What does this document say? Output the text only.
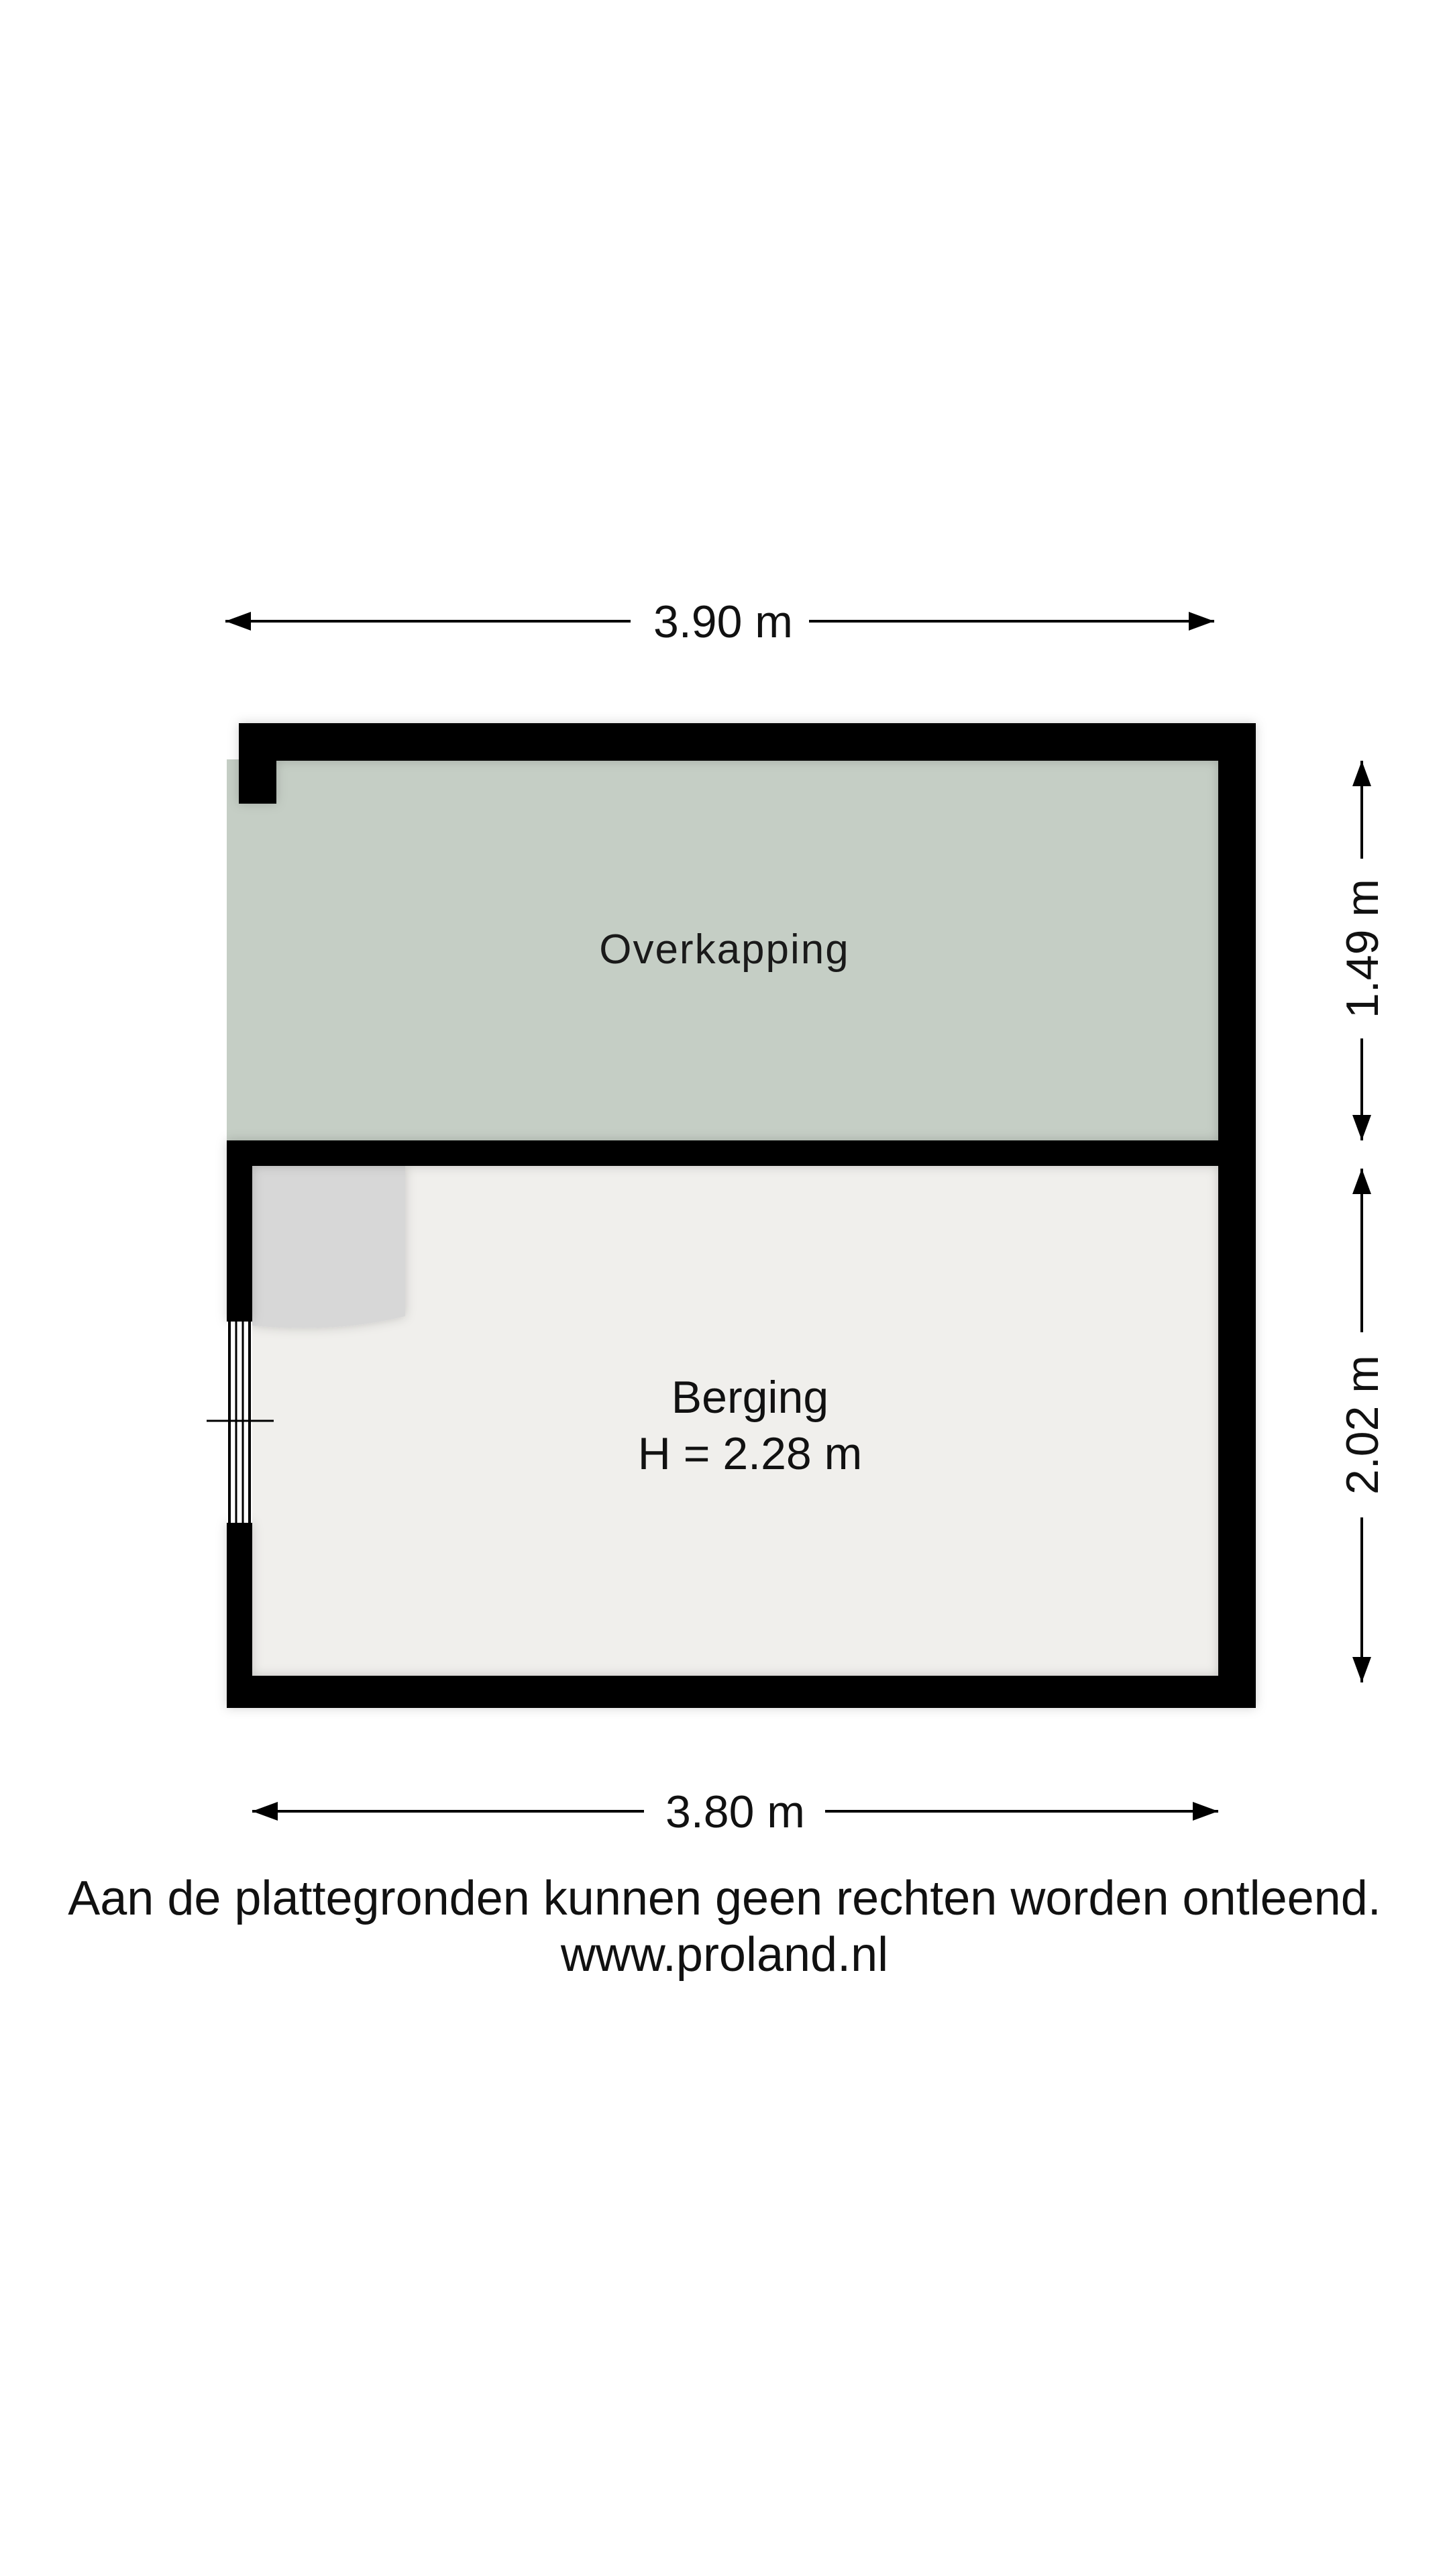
3.90 m
Overkapping
Berging
H = 2.28 m
1.49 m
2.02 m
3.80 m
Aan de plattegronden kunnen geen rechten worden ontleend.
www.proland.nl
